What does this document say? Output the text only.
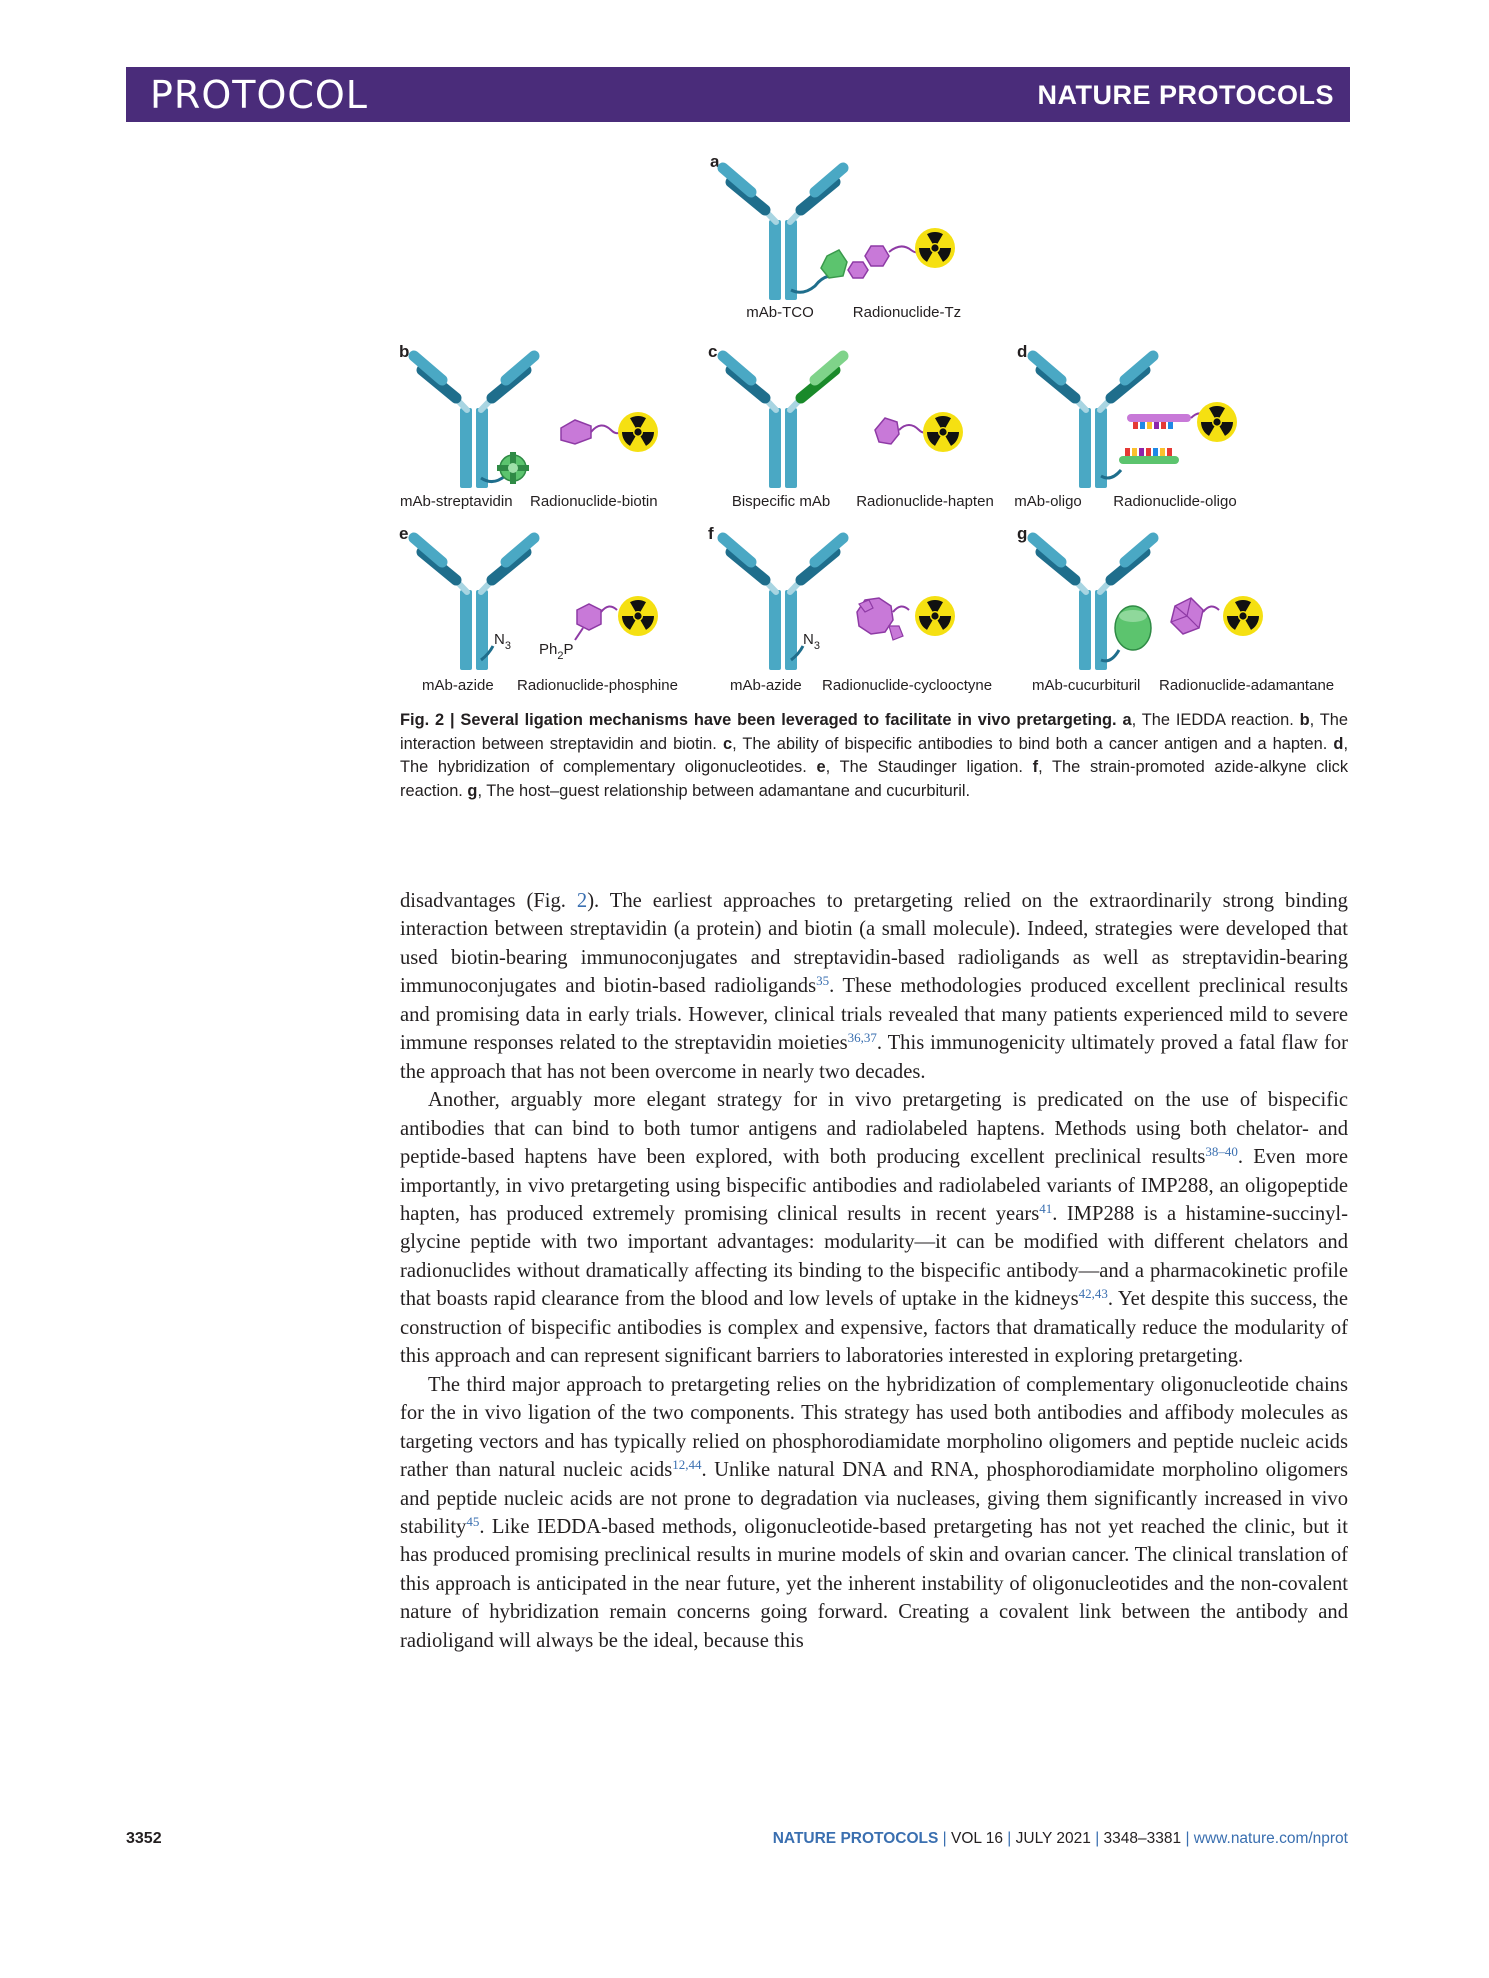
PROTOCOL	NATURE PROTOCOLS
a
mAb-TCO	Radionuclide-Tz
b
mAb-streptavidin Radionuclide-biotin
c
Bispecific mAb Radionuclide-hapten
d
mAb-oligo Radionuclide-oligo
e
$N_3$ $Ph_2P$
mAb-azide Radionuclide-phosphine
f
$N_3$
mAb-azide Radionuclide-cyclooctyne
g
mAb-cucurbituril Radionuclide-adamantane
Fig. 2 | Several ligation mechanisms have been leveraged to facilitate in vivo pretargeting. a, The IEDDA reaction. b, The interaction between streptavidin and biotin. c, The ability of bispecific antibodies to bind both a cancer antigen and a hapten. d, The hybridization of complementary oligonucleotides. e, The Staudinger ligation. f, The strain-promoted azide-alkyne click reaction. g, The host–guest relationship between adamantane and cucurbituril.

disadvantages (Fig. 2). The earliest approaches to pretargeting relied on the extraordinarily strong binding interaction between streptavidin (a protein) and biotin (a small molecule). Indeed, strategies were developed that used biotin-bearing immunoconjugates and streptavidin-based radioligands as well as streptavidin-bearing immunoconjugates and biotin-based radioligands$^{35}$. These methodologies produced excellent preclinical results and promising data in early trials. However, clinical trials revealed that many patients experienced mild to severe immune responses related to the streptavidin moieties$^{36,37}$. This immunogenicity ultimately proved a fatal flaw for the approach that has not been overcome in nearly two decades.

Another, arguably more elegant strategy for in vivo pretargeting is predicated on the use of bispecific antibodies that can bind to both tumor antigens and radiolabeled haptens. Methods using both chelator- and peptide-based haptens have been explored, with both producing excellent preclinical results$^{38-40}$. Even more importantly, in vivo pretargeting using bispecific antibodies and radiolabeled variants of IMP288, an oligopeptide hapten, has produced extremely promising clinical results in recent years$^{41}$. IMP288 is a histamine-succinyl-glycine peptide with two important advantages: modularity—it can be modified with different chelators and radionuclides without dramatically affecting its binding to the bispecific antibody—and a pharmacokinetic profile that boasts rapid clearance from the blood and low levels of uptake in the kidneys$^{42,43}$. Yet despite this success, the construction of bispecific antibodies is complex and expensive, factors that dramatically reduce the modularity of this approach and can represent significant barriers to laboratories interested in exploring pretargeting.

The third major approach to pretargeting relies on the hybridization of complementary oligonucleotide chains for the in vivo ligation of the two components. This strategy has used both antibodies and affibody molecules as targeting vectors and has typically relied on phosphorodiamidate morpholino oligomers and peptide nucleic acids rather than natural nucleic acids$^{12,44}$. Unlike natural DNA and RNA, phosphorodiamidate morpholino oligomers and peptide nucleic acids are not prone to degradation via nucleases, giving them significantly increased in vivo stability$^{45}$. Like IEDDA-based methods, oligonucleotide-based pretargeting has not yet reached the clinic, but it has produced promising preclinical results in murine models of skin and ovarian cancer. The clinical translation of this approach is anticipated in the near future, yet the inherent instability of oligonucleotides and the non-covalent nature of hybridization remain concerns going forward. Creating a covalent link between the antibody and radioligand will always be the ideal, because this

3352	NATURE PROTOCOLS | VOL 16 | JULY 2021 | 3348–3381 | www.nature.com/nprot
